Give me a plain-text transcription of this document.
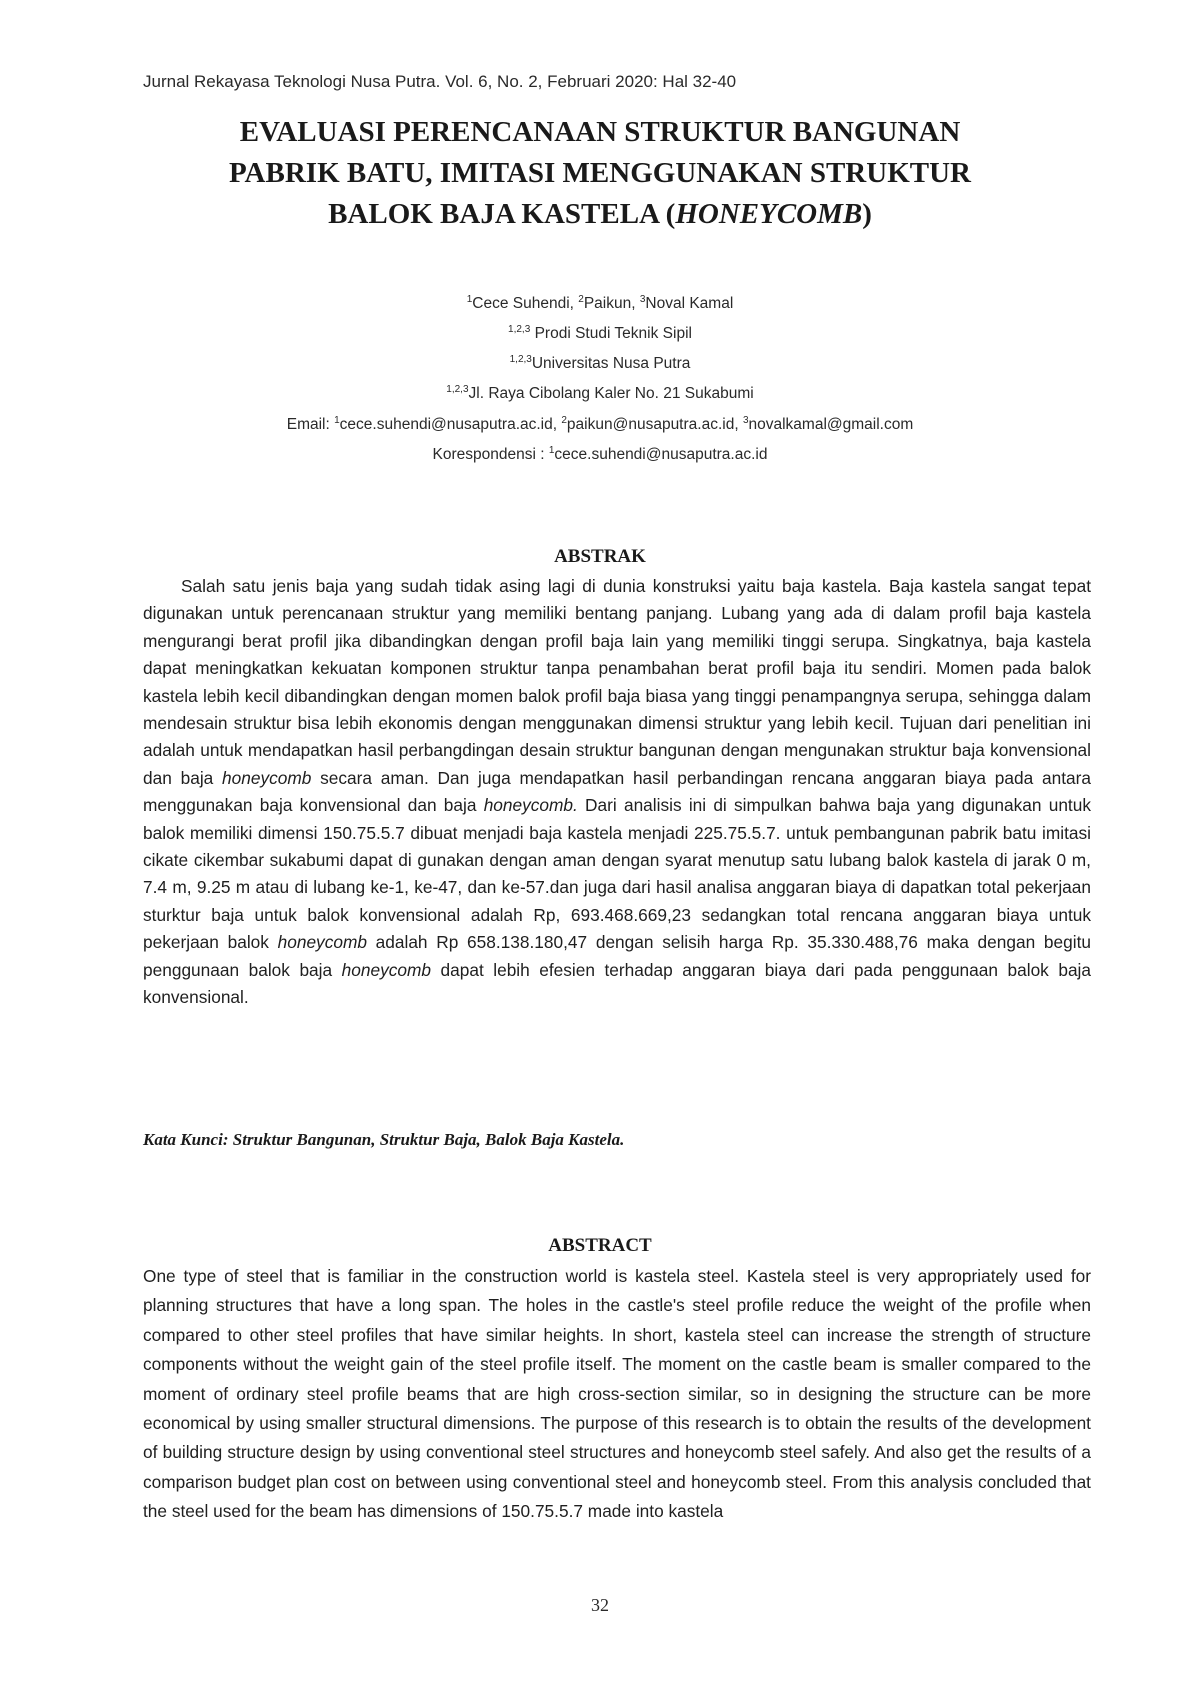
Jurnal Rekayasa Teknologi Nusa Putra. Vol. 6, No. 2, Februari 2020: Hal 32-40
EVALUASI PERENCANAAN STRUKTUR BANGUNAN
PABRIK BATU, IMITASI MENGGUNAKAN STRUKTUR
BALOK BAJA KASTELA (HONEYCOMB)
$^1$Cece Suhendi, $^2$Paikun, $^3$Noval Kamal
$^{1,2,3}$ Prodi Studi Teknik Sipil
$^{1,2,3}$Universitas Nusa Putra
$^{1,2,3}$Jl. Raya Cibolang Kaler No. 21 Sukabumi
Email: $^1$cece.suhendi@nusaputra.ac.id, $^2$paikun@nusaputra.ac.id, $^3$novalkamal@gmail.com
Korespondensi : $^1$cece.suhendi@nusaputra.ac.id
ABSTRAK
Salah satu jenis baja yang sudah tidak asing lagi di dunia konstruksi yaitu baja kastela. Baja kastela sangat tepat digunakan untuk perencanaan struktur yang memiliki bentang panjang. Lubang yang ada di dalam profil baja kastela mengurangi berat profil jika dibandingkan dengan profil baja lain yang memiliki tinggi serupa. Singkatnya, baja kastela dapat meningkatkan kekuatan komponen struktur tanpa penambahan berat profil baja itu sendiri. Momen pada balok kastela lebih kecil dibandingkan dengan momen balok profil baja biasa yang tinggi penampangnya serupa, sehingga dalam mendesain struktur bisa lebih ekonomis dengan menggunakan dimensi struktur yang lebih kecil. Tujuan dari penelitian ini adalah untuk mendapatkan hasil perbangdingan desain struktur bangunan dengan mengunakan struktur baja konvensional dan baja honeycomb secara aman. Dan juga mendapatkan hasil perbandingan rencana anggaran biaya pada antara menggunakan baja konvensional dan baja honeycomb. Dari analisis ini di simpulkan bahwa baja yang digunakan untuk balok memiliki dimensi 150.75.5.7 dibuat menjadi baja kastela menjadi 225.75.5.7. untuk pembangunan pabrik batu imitasi cikate cikembar sukabumi dapat di gunakan dengan aman dengan syarat menutup satu lubang balok kastela di jarak 0 m, 7.4 m, 9.25 m atau di lubang ke-1, ke-47, dan ke-57.dan juga dari hasil analisa anggaran biaya di dapatkan total pekerjaan sturktur baja untuk balok konvensional adalah Rp, 693.468.669,23 sedangkan total rencana anggaran biaya untuk pekerjaan balok honeycomb adalah Rp 658.138.180,47 dengan selisih harga Rp. 35.330.488,76 maka dengan begitu penggunaan balok baja honeycomb dapat lebih efesien terhadap anggaran biaya dari pada penggunaan balok baja konvensional.
Kata Kunci: Struktur Bangunan, Struktur Baja, Balok Baja Kastela.
ABSTRACT
One type of steel that is familiar in the construction world is kastela steel. Kastela steel is very appropriately used for planning structures that have a long span. The holes in the castle's steel profile reduce the weight of the profile when compared to other steel profiles that have similar heights. In short, kastela steel can increase the strength of structure components without the weight gain of the steel profile itself. The moment on the castle beam is smaller compared to the moment of ordinary steel profile beams that are high cross-section similar, so in designing the structure can be more economical by using smaller structural dimensions. The purpose of this research is to obtain the results of the development of building structure design by using conventional steel structures and honeycomb steel safely. And also get the results of a comparison budget plan cost on between using conventional steel and honeycomb steel. From this analysis concluded that the steel used for the beam has dimensions of 150.75.5.7 made into kastela
32
